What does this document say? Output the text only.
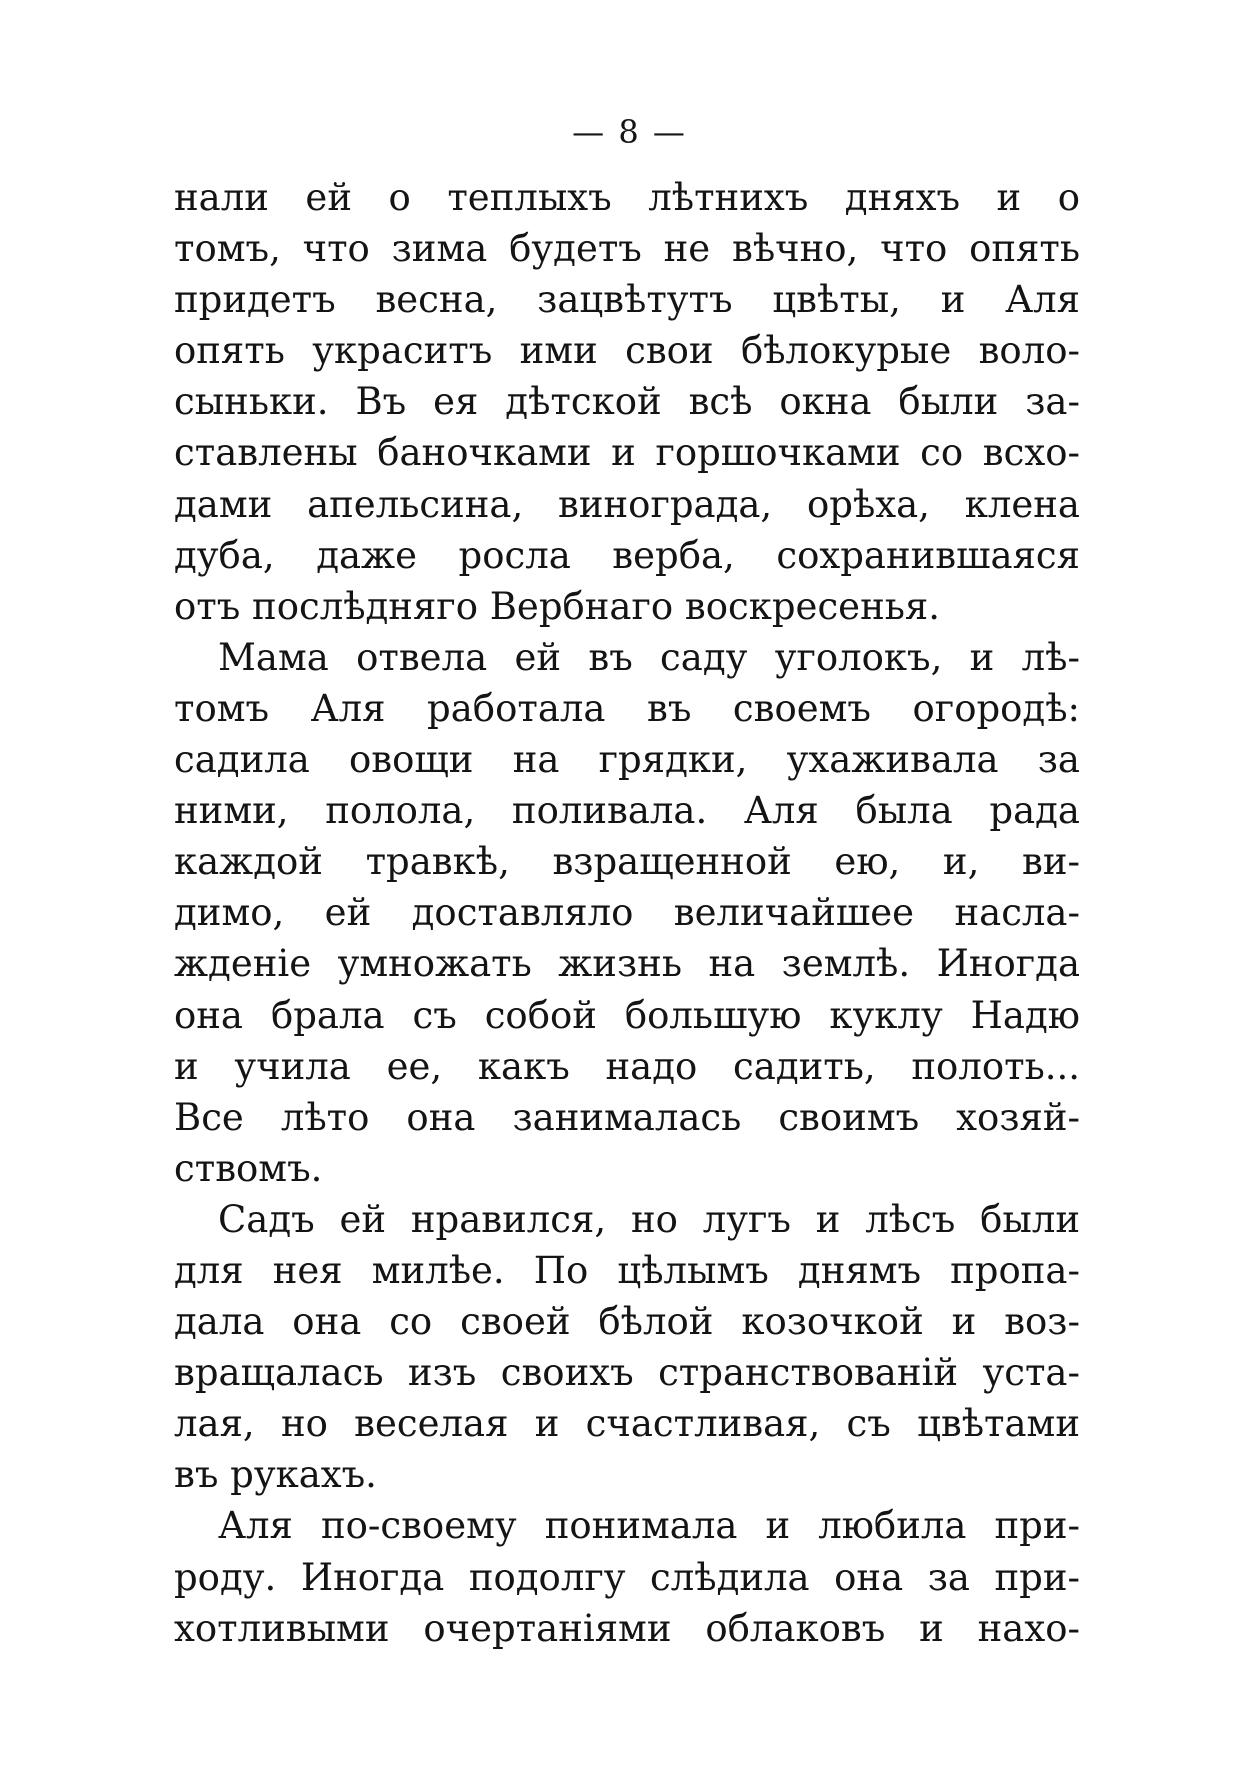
— 8 —
нали ей о теплыхъ лѣтнихъ дняхъ и о
томъ, что зима будетъ не вѣчно, что опять
придетъ весна, зацвѣтутъ цвѣты, и Аля
опять украситъ ими свои бѣлокурые воло-
сыньки. Въ ея дѣтской всѣ окна были за-
ставлены баночками и горшочками со всхо-
дами апельсина, винограда, орѣха, клена
дуба, даже росла верба, сохранившаяся
отъ послѣдняго Вербнаго воскресенья.
Мама отвела ей въ саду уголокъ, и лѣ-
томъ Аля работала въ своемъ огородѣ:
садила овощи на грядки, ухаживала за
ними, полола, поливала. Аля была рада
каждой травкѣ, взращенной ею, и, ви-
димо, ей доставляло величайшее насла-
жденіе умножать жизнь на землѣ. Иногда
она брала съ собой большую куклу Надю
и учила ее, какъ надо садить, полоть...
Все лѣто она занималась своимъ хозяй-
ствомъ.
Садъ ей нравился, но лугъ и лѣсъ были
для нея милѣе. По цѣлымъ днямъ пропа-
дала она со своей бѣлой козочкой и воз-
вращалась изъ своихъ странствованій уста-
лая, но веселая и счастливая, съ цвѣтами
въ рукахъ.
Аля по-своему понимала и любила при-
роду. Иногда подолгу слѣдила она за при-
хотливыми очертаніями облаковъ и нахо-
